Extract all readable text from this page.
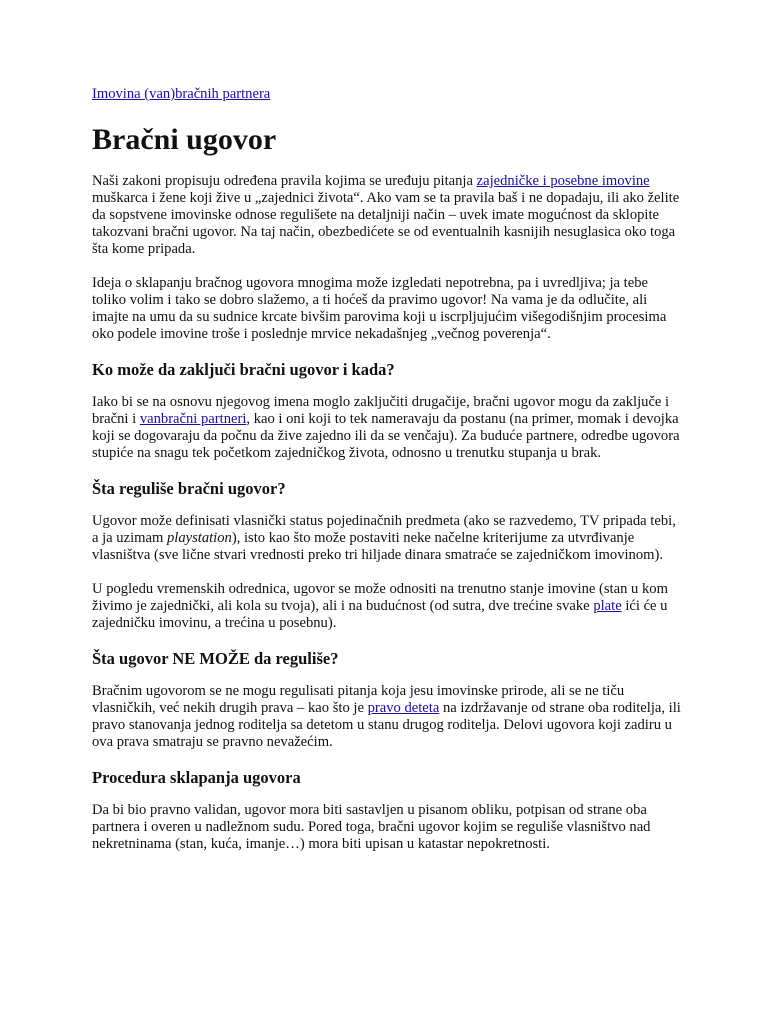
Imovina (van)bračnih partnera
Bračni ugovor

Naši zakoni propisuju određena pravila kojima se uređuju pitanja zajedničke i posebne imovine muškarca i žene koji žive u „zajednici života“. Ako vam se ta pravila baš i ne dopadaju, ili ako želite da sopstvene imovinske odnose regulišete na detaljniji način – uvek imate mogućnost da sklopite takozvani bračni ugovor. Na taj način, obezbedićete se od eventualnih kasnijih nesuglasica oko toga šta kome pripada.

Ideja o sklapanju bračnog ugovora mnogima može izgledati nepotrebna, pa i uvredljiva; ja tebe toliko volim i tako se dobro slažemo, a ti hoćeš da pravimo ugovor! Na vama je da odlučite, ali imajte na umu da su sudnice krcate bivšim parovima koji u iscrpljujućim višegodišnjim procesima oko podele imovine troše i poslednje mrvice nekadašnjeg „večnog poverenja“.

Ko može da zaključi bračni ugovor i kada?

Iako bi se na osnovu njegovog imena moglo zaključiti drugačije, bračni ugovor mogu da zaključe i bračni i vanbračni partneri, kao i oni koji to tek nameravaju da postanu (na primer, momak i devojka koji se dogovaraju da počnu da žive zajedno ili da se venčaju). Za buduće partnere, odredbe ugovora stupiće na snagu tek početkom zajedničkog života, odnosno u trenutku stupanja u brak.

Šta reguliše bračni ugovor?

Ugovor može definisati vlasnički status pojedinačnih predmeta (ako se razvedemo, TV pripada tebi, a ja uzimam playstation), isto kao što može postaviti neke načelne kriterijume za utvrđivanje vlasništva (sve lične stvari vrednosti preko tri hiljade dinara smatraće se zajedničkom imovinom).

U pogledu vremenskih odrednica, ugovor se može odnositi na trenutno stanje imovine (stan u kom živimo je zajednički, ali kola su tvoja), ali i na budućnost (od sutra, dve trećine svake plate ići će u zajedničku imovinu, a trećina u posebnu).

Šta ugovor NE MOŽE da reguliše?

Bračnim ugovorom se ne mogu regulisati pitanja koja jesu imovinske prirode, ali se ne tiču vlasničkih, već nekih drugih prava – kao što je pravo deteta na izdržavanje od strane oba roditelja, ili pravo stanovanja jednog roditelja sa detetom u stanu drugog roditelja. Delovi ugovora koji zadiru u ova prava smatraju se pravno nevažećim.

Procedura sklapanja ugovora

Da bi bio pravno validan, ugovor mora biti sastavljen u pisanom obliku, potpisan od strane oba partnera i overen u nadležnom sudu. Pored toga, bračni ugovor kojim se reguliše vlasništvo nad nekretninama (stan, kuća, imanje…) mora biti upisan u katastar nepokretnosti.
